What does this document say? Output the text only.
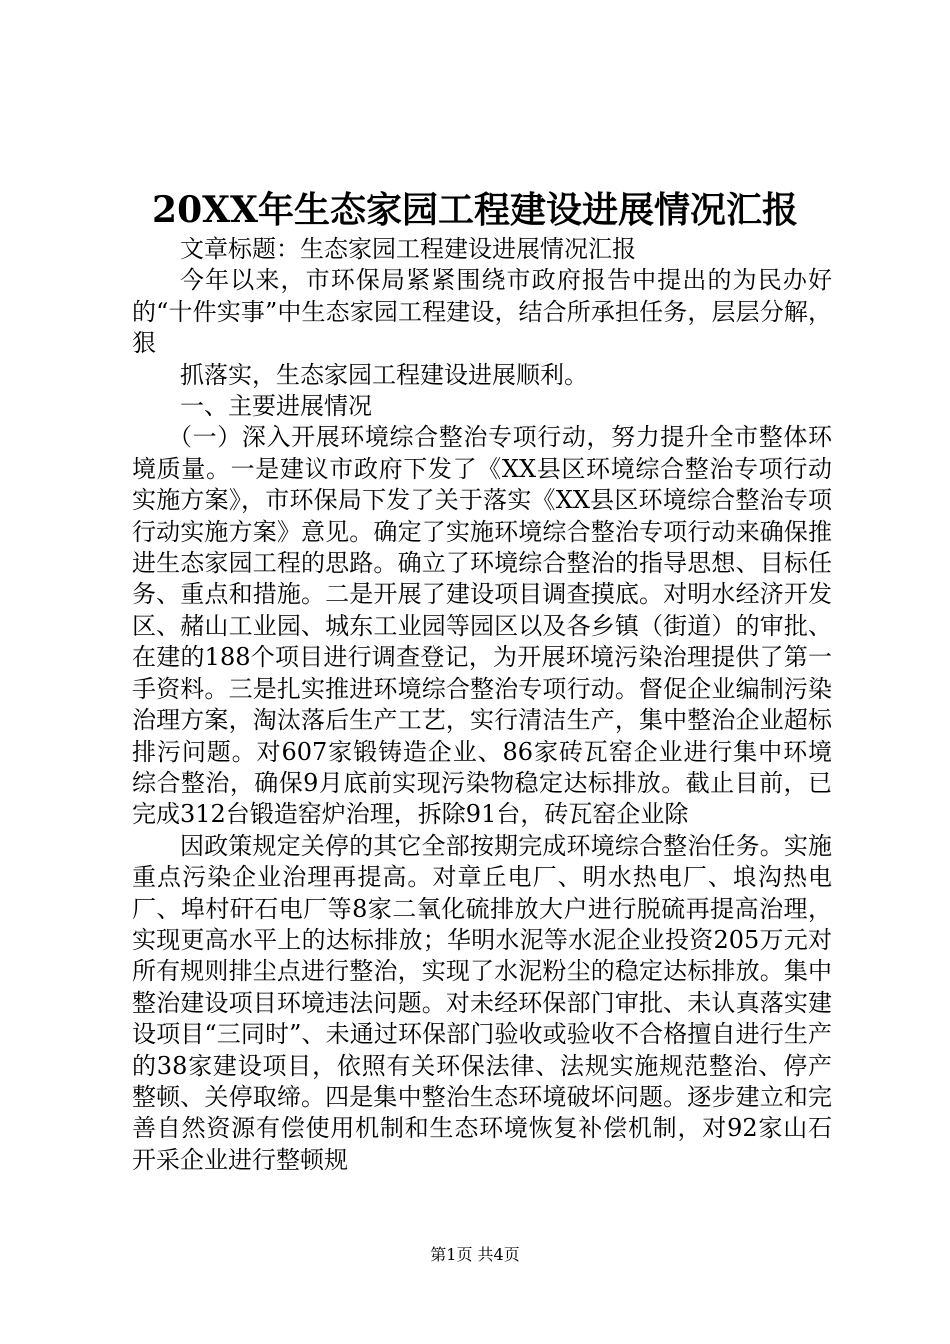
20XX年生态家园工程建设进展情况汇报

文章标题：生态家园工程建设进展情况汇报

今年以来，市环保局紧紧围绕市政府报告中提出的为民办好的“十件实事”中生态家园工程建设，结合所承担任务，层层分解，狠

抓落实，生态家园工程建设进展顺利。

一、主要进展情况

（一）深入开展环境综合整治专项行动，努力提升全市整体环境质量。一是建议市政府下发了《XX县区环境综合整治专项行动实施方案》，市环保局下发了关于落实《XX县区环境综合整治专项行动实施方案》意见。确定了实施环境综合整治专项行动来确保推进生态家园工程的思路。确立了环境综合整治的指导思想、目标任务、重点和措施。二是开展了建设项目调查摸底。对明水经济开发区、赭山工业园、城东工业园等园区以及各乡镇（街道）的审批、在建的188个项目进行调查登记，为开展环境污染治理提供了第一手资料。三是扎实推进环境综合整治专项行动。督促企业编制污染治理方案，淘汰落后生产工艺，实行清洁生产，集中整治企业超标排污问题。对607家锻铸造企业、86家砖瓦窑企业进行集中环境综合整治，确保9月底前实现污染物稳定达标排放。截止目前，已完成312台锻造窑炉治理，拆除91台，砖瓦窑企业除

因政策规定关停的其它全部按期完成环境综合整治任务。实施重点污染企业治理再提高。对章丘电厂、明水热电厂、埌沟热电厂、埠村矸石电厂等8家二氧化硫排放大户进行脱硫再提高治理，实现更高水平上的达标排放；华明水泥等水泥企业投资205万元对所有规则排尘点进行整治，实现了水泥粉尘的稳定达标排放。集中整治建设项目环境违法问题。对未经环保部门审批、未认真落实建设项目“三同时”、未通过环保部门验收或验收不合格擅自进行生产的38家建设项目，依照有关环保法律、法规实施规范整治、停产整顿、关停取缔。四是集中整治生态环境破坏问题。逐步建立和完善自然资源有偿使用机制和生态环境恢复补偿机制，对92家山石开采企业进行整顿规

第1页 共4页
